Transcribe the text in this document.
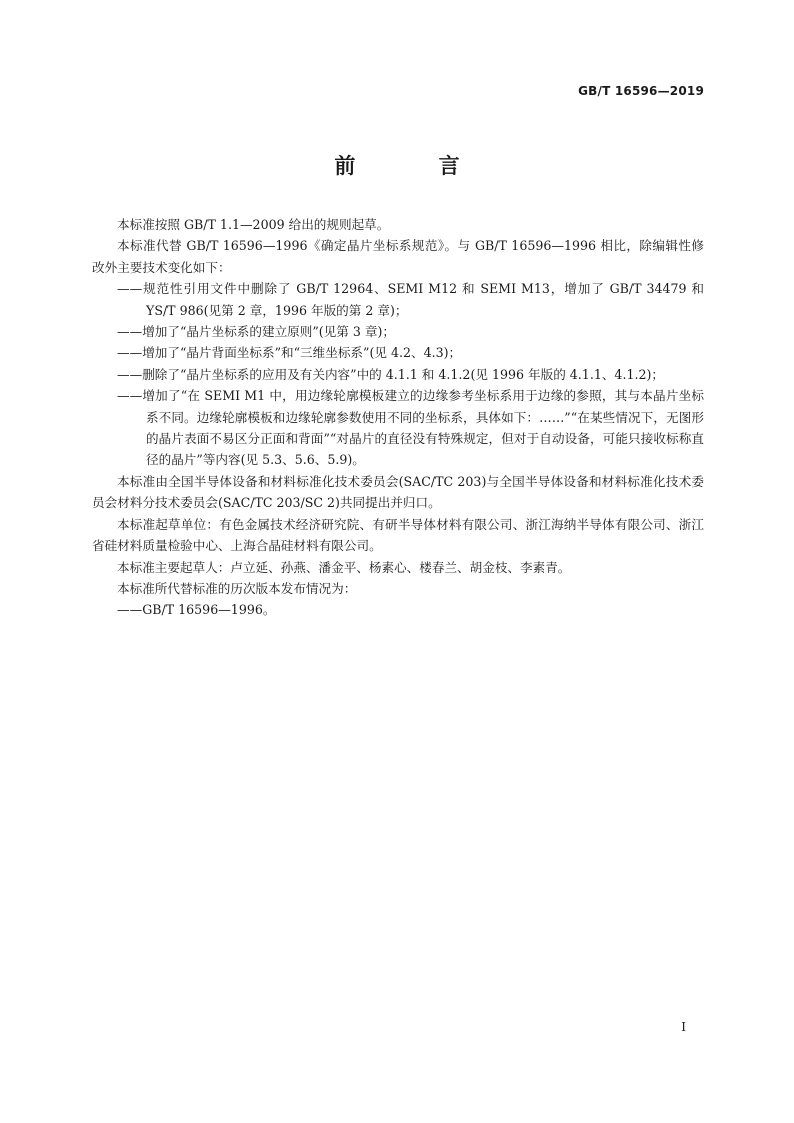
GB/T 16596—2019
前 言

本标准按照 GB/T 1.1—2009 给出的规则起草。

本标准代替 GB/T 16596—1996《确定晶片坐标系规范》。与 GB/T 16596—1996 相比，除编辑性修改外主要技术变化如下：

——规范性引用文件中删除了 GB/T 12964、SEMI M12 和 SEMI M13，增加了 GB/T 34479 和 YS/T 986(见第 2 章，1996 年版的第 2 章)；

——增加了“晶片坐标系的建立原则”(见第 3 章)；

——增加了“晶片背面坐标系”和“三维坐标系”(见 4.2、4.3)；

——删除了“晶片坐标系的应用及有关内容”中的 4.1.1 和 4.1.2(见 1996 年版的 4.1.1、4.1.2)；

——增加了“在 SEMI M1 中，用边缘轮廓模板建立的边缘参考坐标系用于边缘的参照，其与本晶片坐标系不同。边缘轮廓模板和边缘轮廓参数使用不同的坐标系，具体如下：……”“在某些情况下，无图形的晶片表面不易区分正面和背面”“对晶片的直径没有特殊规定，但对于自动设备，可能只接收标称直径的晶片”等内容(见 5.3、5.6、5.9)。

本标准由全国半导体设备和材料标准化技术委员会(SAC/TC 203)与全国半导体设备和材料标准化技术委员会材料分技术委员会(SAC/TC 203/SC 2)共同提出并归口。

本标准起草单位：有色金属技术经济研究院、有研半导体材料有限公司、浙江海纳半导体有限公司、浙江省硅材料质量检验中心、上海合晶硅材料有限公司。

本标准主要起草人：卢立延、孙燕、潘金平、杨素心、楼春兰、胡金枝、李素青。

本标准所代替标准的历次版本发布情况为：

——GB/T 16596—1996。

I
